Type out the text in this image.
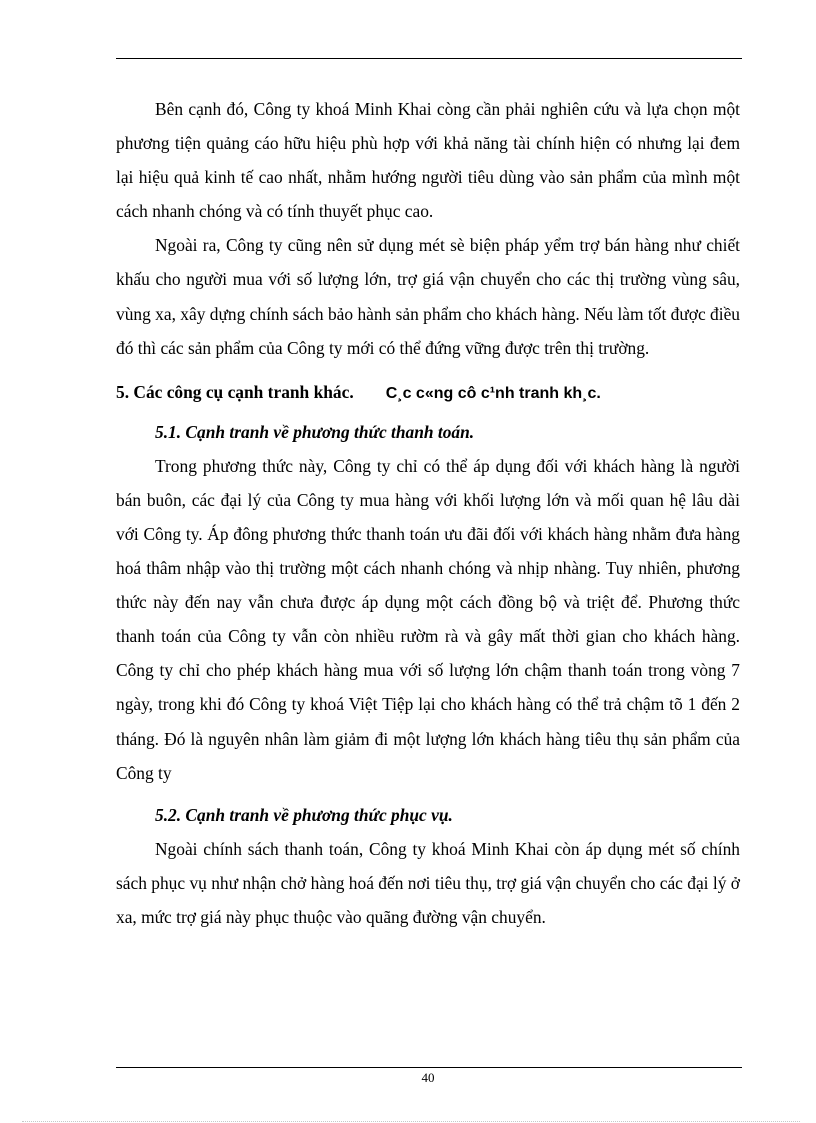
Bên cạnh đó, Công ty khoá Minh Khai còng cần phải nghiên cứu và lựa chọn một phương tiện quảng cáo hữu hiệu phù hợp với khả năng tài chính hiện có nhưng lại đem lại hiệu quả kinh tế cao nhất, nhằm hướng người tiêu dùng vào sản phẩm của mình một cách nhanh chóng và có tính thuyết phục cao.

Ngoài ra, Công ty cũng nên sử dụng mét sè biện pháp yểm trợ bán hàng như chiết khấu cho người mua với số lượng lớn, trợ giá vận chuyển cho các thị trường vùng sâu, vùng xa, xây dựng chính sách bảo hành sản phẩm cho khách hàng. Nếu làm tốt được điều đó thì các sản phẩm của Công ty mới có thể đứng vững được trên thị trường.

5. Các công cụ cạnh tranh khác. C¸c c«ng cô c¹nh tranh kh¸c.
5.1. Cạnh tranh về phương thức thanh toán.

Trong phương thức này, Công ty chỉ có thể áp dụng đối với khách hàng là người bán buôn, các đại lý của Công ty mua hàng với khối lượng lớn và mối quan hệ lâu dài với Công ty. Áp đông phương thức thanh toán ưu đãi đối với khách hàng nhằm đưa hàng hoá thâm nhập vào thị trường một cách nhanh chóng và nhịp nhàng. Tuy nhiên, phương thức này đến nay vẫn chưa được áp dụng một cách đồng bộ và triệt để. Phương thức thanh toán của Công ty vẫn còn nhiều rườm rà và gây mất thời gian cho khách hàng. Công ty chỉ cho phép khách hàng mua với số lượng lớn chậm thanh toán trong vòng 7 ngày, trong khi đó Công ty khoá Việt Tiệp lại cho khách hàng có thể trả chậm tõ 1 đến 2 tháng. Đó là nguyên nhân làm giảm đi một lượng lớn khách hàng tiêu thụ sản phẩm của Công ty

5.2. Cạnh tranh về phương thức phục vụ.

Ngoài chính sách thanh toán, Công ty khoá Minh Khai còn áp dụng mét số chính sách phục vụ như nhận chở hàng hoá đến nơi tiêu thụ, trợ giá vận chuyển cho các đại lý ở xa, mức trợ giá này phục thuộc vào quãng đường vận chuyển.

40
